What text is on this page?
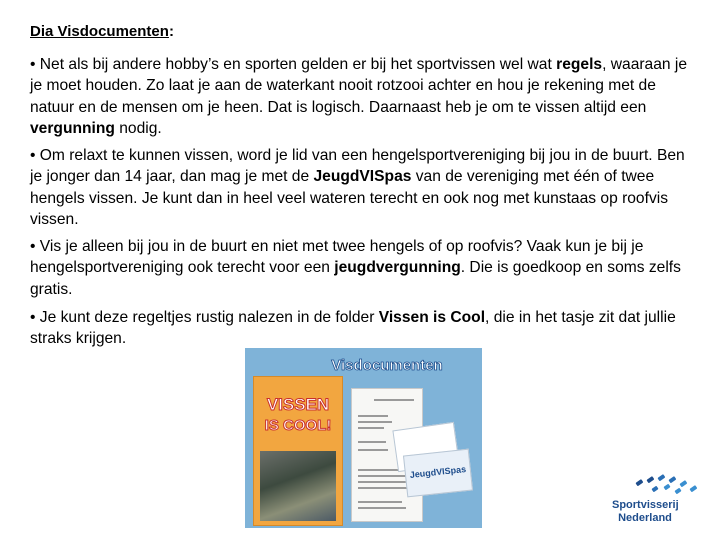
Dia Visdocumenten:
• Net als bij andere hobby’s en sporten gelden er bij het sportvissen wel wat regels, waaraan je je moet houden. Zo laat je aan de waterkant nooit rotzooi achter en hou je rekening met de natuur en de mensen om je heen. Dat is logisch. Daarnaast heb je om te vissen altijd een vergunning nodig.
• Om relaxt te kunnen vissen, word je lid van een hengelsportvereniging bij jou in de buurt. Ben je jonger dan 14 jaar, dan mag je met de JeugdVISpas van de vereniging met één of twee hengels vissen. Je kunt dan in heel veel wateren terecht en ook nog met kunstaas op roofvis vissen.
• Vis je alleen bij jou in de buurt en niet met twee hengels of op roofvis? Vaak kun je bij je hengelsportvereniging ook terecht voor een jeugdvergunning. Die is goedkoop en soms zelfs gratis.
• Je kunt deze regeltjes rustig nalezen in de folder Vissen is Cool, die in het tasje zit dat jullie straks krijgen.
Visdocumenten
VISSEN
IS COOL!
JeugdVISpas
Sportvisserij
Nederland
